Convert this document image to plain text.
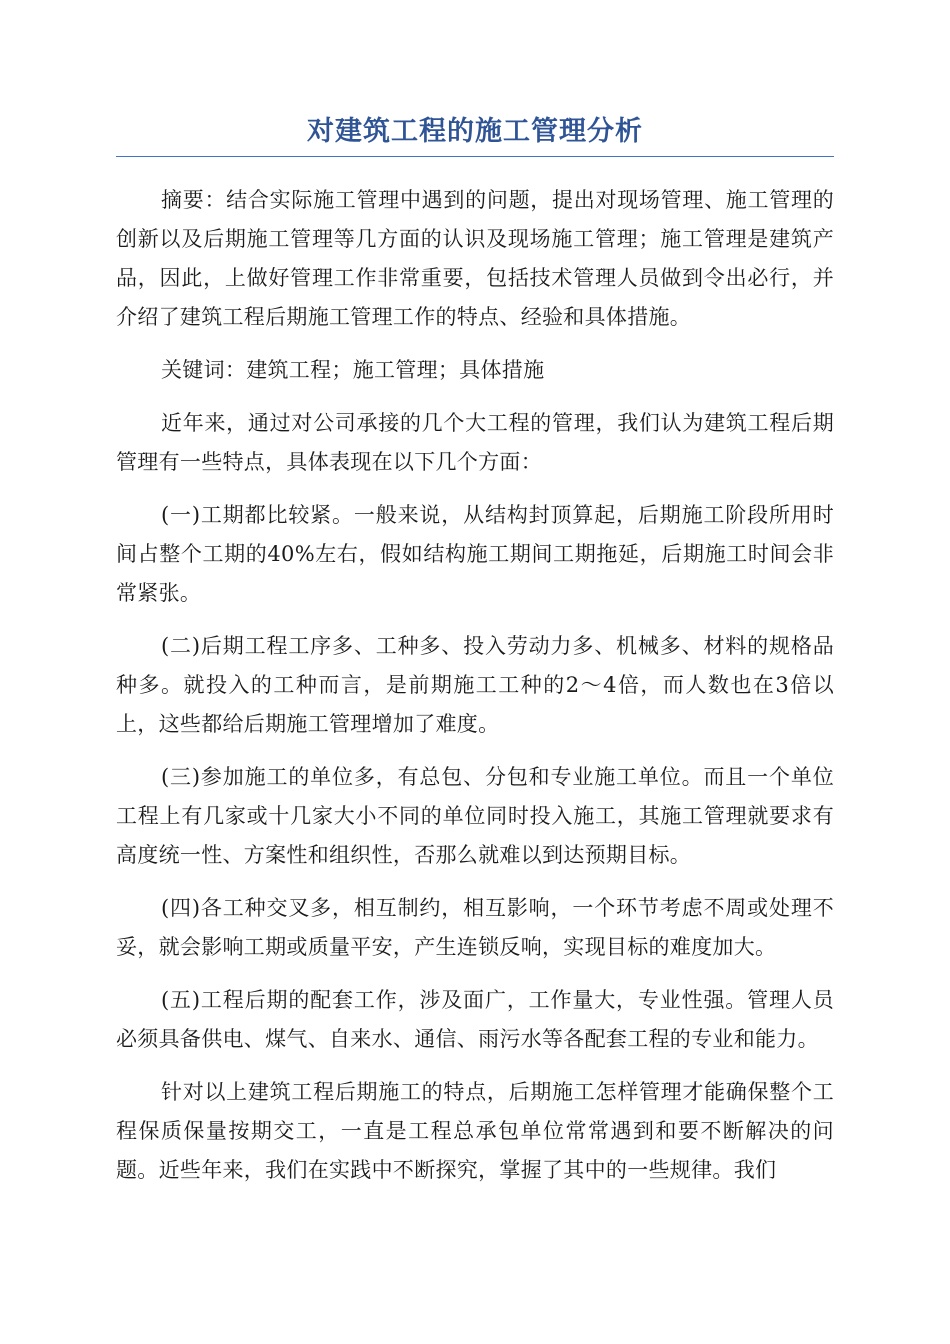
对建筑工程的施工管理分析

摘要：结合实际施工管理中遇到的问题，提出对现场管理、施工管理的创新以及后期施工管理等几方面的认识及现场施工管理；施工管理是建筑产品，因此，上做好管理工作非常重要，包括技术管理人员做到令出必行，并介绍了建筑工程后期施工管理工作的特点、经验和具体措施。

关键词：建筑工程；施工管理；具体措施

近年来，通过对公司承接的几个大工程的管理，我们认为建筑工程后期管理有一些特点，具体表现在以下几个方面：

(一)工期都比较紧。一般来说，从结构封顶算起，后期施工阶段所用时间占整个工期的40%左右，假如结构施工期间工期拖延，后期施工时间会非常紧张。

(二)后期工程工序多、工种多、投入劳动力多、机械多、材料的规格品种多。就投入的工种而言，是前期施工工种的2～4倍，而人数也在3倍以上，这些都给后期施工管理增加了难度。

(三)参加施工的单位多，有总包、分包和专业施工单位。而且一个单位工程上有几家或十几家大小不同的单位同时投入施工，其施工管理就要求有高度统一性、方案性和组织性，否那么就难以到达预期目标。

(四)各工种交叉多，相互制约，相互影响，一个环节考虑不周或处理不妥，就会影响工期或质量平安，产生连锁反响，实现目标的难度加大。

(五)工程后期的配套工作，涉及面广，工作量大，专业性强。管理人员必须具备供电、煤气、自来水、通信、雨污水等各配套工程的专业和能力。

针对以上建筑工程后期施工的特点，后期施工怎样管理才能确保整个工程保质保量按期交工，一直是工程总承包单位常常遇到和要不断解决的问题。近些年来，我们在实践中不断探究，掌握了其中的一些规律。我们
